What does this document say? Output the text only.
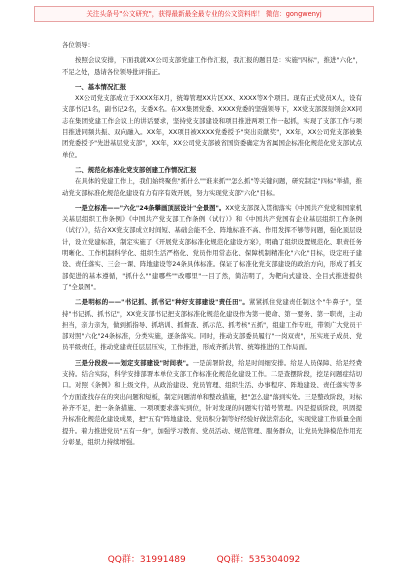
关注头条号"公文研究"，获得最新最全最专业的公文资料库！ 微信：gongwenyj

各位领导：

按照会议安排，下面我就XX公司支部党建工作作汇报，我汇报的题目是：实施"四标"，推进"六化"，不足之处，恳请各位领导批评指正。

一、基本情况汇报

XX公司党支部成立于XXXX年X月，统筹管理XX片区XX、XXXX等X个项目。现有正式党员X人，设有支部书记1名，副书记2名，支委X名。在XX集团党委、XXXX党委的坚强领导下，XX党支部深刻领会XX同志在集团党建工作会议上的讲话要求，坚持党支部建设和项目推进两项工作一起抓，实现了支部工作与项目推进同频共振、双向融入。XX年，XX项目被XXXX党委授予"突出贡献奖"，XX年，XX公司党支部被集团党委授予"先进基层党支部"，XX年，XX公司党支部被省国资委确定为省属国企标准化规范化党支部试点单位。

二、规范化标准化党支部创建工作情况汇报

在具体的党建工作上，我们始终聚焦"抓什么""谁来抓""怎么抓"等关键问题，研究制定"四标"举措，推动党支部标准化规范化建设有力有序有效开展，努力实现党支部"六化"目标。

一是立标准——"六化"24条攀画顶层设计"全景图"。XX党支部深入贯彻落实《中国共产党党和国家机关基层组织工作条例》《中国共产党支部工作条例（试行）》和《中国共产党国有企业基层组织工作条例（试行）》，结合XX党支部成立时间短、基础会能不全、阵地标准不高、作用发挥不够等问题，强化顶层设计，设立党建标准，制定实施了《开展党支部标准化规范化建设方案》，明确了组织设置规范化、职责任务明晰化、工作机制科学化、组织生活严格化、党员作用常态化、保障机制精准化"六化"目标，设定班子建设、责任落实、三会一课、阵地建设等24条具体标准。保证了标准化党支部建设的政治方向，形成了抓支部促进的基本遵循，"抓什么""建哪些""改哪里"一目了然，简洁明了，为靶向式建设、全目式推进提供了"全景图"。

二是明标的——"书记抓、抓书记"种好支部建设"责任田"。紧紧抓住党建责任制这个"牛鼻子"，坚持"书记抓、抓书记"，XX党支部书记把支部标准化规范化建设作为第一使命、第一要务、第一职责，主动担当，亲力亲为，做到抓指导、抓培训、抓督查、抓示范、抓考核"五抓"，组建工作专班，带领广大党员干部对照"六化"24条标准，分类实施，逐条落实。同时，推动支部委员履行"一岗双责"，压实班子成员、党员平级责任，推动党建责任层层压实，工作推进，形成齐抓共管、统筹推进的工作局面。

三是分段段——划定支部建设"时间表"。一是前署阶段，给足时间细安排。给足人员保障、给足经费支持。结合实际，科学安排部署本单位支部工作标准化规范化建设工作。二是查摆阶段，挖足问题症结切口。对照《条例》和上级文件，从政治建设、党员管理、组织生活、办事程序、阵地建设、责任落实等多个方面查找存在的突出问题和短板，制定问题清单和整改措施，把"怎么建"落到实处。三是整改阶段，对标补齐不足，把一条条措施、一项项要求落实到位，针对发现的问题实行销号管理。四是提质阶段，巩固提升标准化规范化建设成果，把"五有"阵地建设、党员积分制等好经验好做法常态化，实现党建工作质量全面提升。着力推进党员"五有一身"，加强学习教育、党员活动、规范管理、服务群众，让党员先锋模范作用充分彰显，组织力持续增强。

QQ群：31991489	QQ群：535304092
